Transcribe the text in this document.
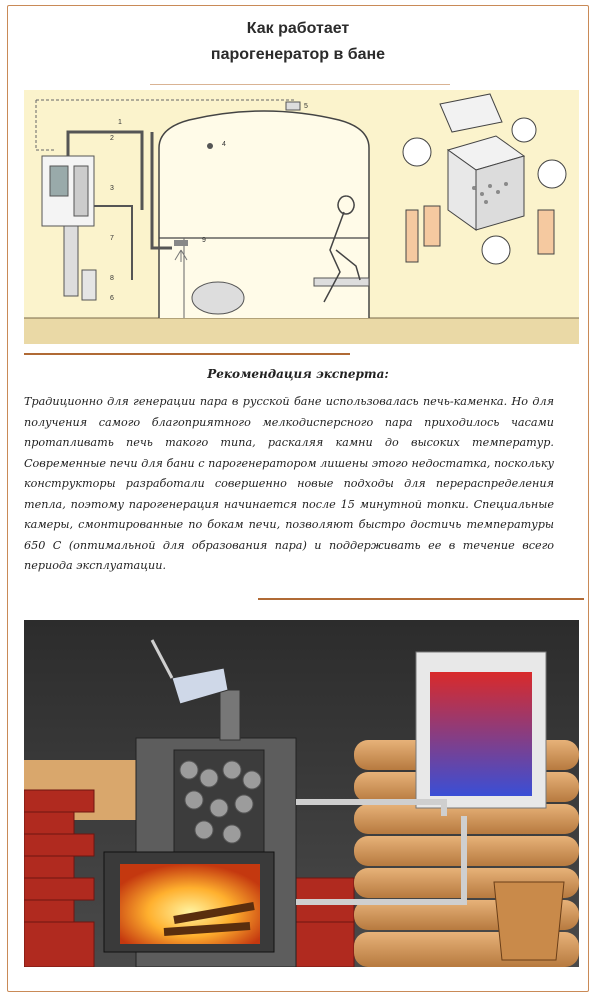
Как работает
парогенератор в бане
1
2
3
4
5
6
7
8
9
Рекомендация эксперта:
Традиционно для генерации пара в русской бане использовалась печь-каменка. Но для получения самого благоприятного мелкодисперсного пара приходилось часами протапливать печь такого типа, раскаляя камни до высоких температур. Современные печи для бани с парогенератором лишены этого недостатка, поскольку конструкторы разработали совершенно новые подходы для перераспределения тепла, поэтому парогенерация начинается после 15 минутной топки. Специальные камеры, смонтированные по бокам печи, позволяют быстро достичь температуры 650 С (оптимальной для образования пара) и поддерживать ее в течение всего периода эксплуатации.
